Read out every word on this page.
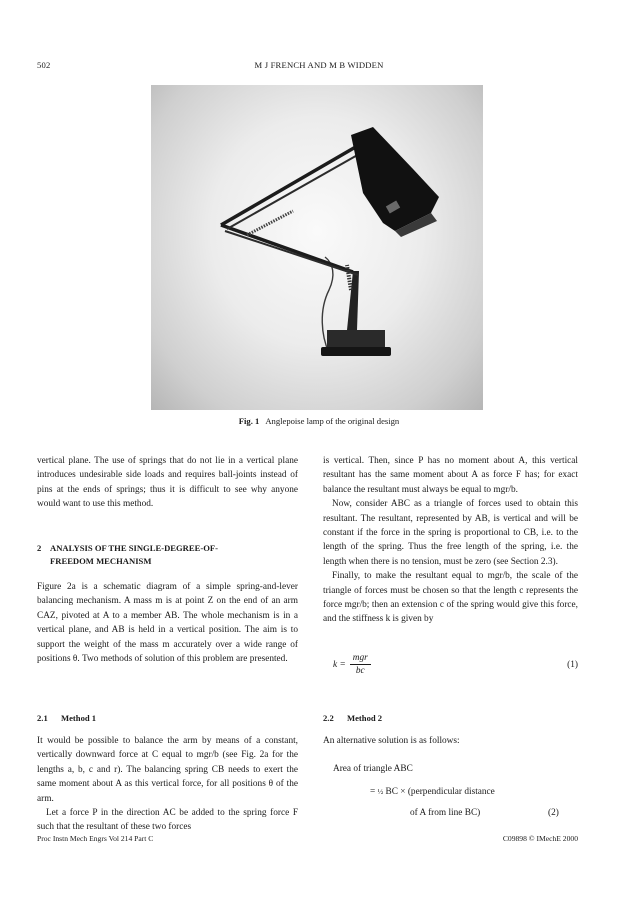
502	M J FRENCH AND M B WIDDEN
Fig. 1 Anglepoise lamp of the original design

vertical plane. The use of springs that do not lie in a vertical plane introduces undesirable side loads and requires ball-joints instead of pins at the ends of springs; thus it is difficult to see why anyone would want to use this method.

2 ANALYSIS OF THE SINGLE-DEGREE-OF-
FREEDOM MECHANISM

Figure 2a is a schematic diagram of a simple spring-and-lever balancing mechanism. A mass m is at point Z on the end of an arm CAZ, pivoted at A to a member AB. The whole mechanism is in a vertical plane, and AB is held in a vertical position. The aim is to support the weight of the mass m accurately over a wide range of positions θ. Two methods of solution of this problem are presented.

2.1 Method 1

It would be possible to balance the arm by means of a constant, vertically downward force at C equal to mgr/b (see Fig. 2a for the lengths a, b, c and r). The balancing spring CB needs to exert the same moment about A as this vertical force, for all positions θ of the arm.

Let a force P in the direction AC be added to the spring force F such that the resultant of these two forces

is vertical. Then, since P has no moment about A, this vertical resultant has the same moment about A as force F has; for exact balance the resultant must always be equal to mgr/b.

Now, consider ABC as a triangle of forces used to obtain this resultant. The resultant, represented by AB, is vertical and will be constant if the force in the spring is proportional to CB, i.e. to the length of the spring. Thus the free length of the spring, i.e. the length when there is no tension, must be zero (see Section 2.3).

Finally, to make the resultant equal to mgr/b, the scale of the triangle of forces must be chosen so that the length c represents the force mgr/b; then an extension c of the spring would give this force, and the stiffness k is given by

$k = \frac{\text{mgr}}{bc}$	(1)
2.2 Method 2

An alternative solution is as follows:

Area of triangle ABC
= ½ BC × (perpendicular distance
of A from line BC)	(2)
Proc Instn Mech Engrs Vol 214 Part C	C09898 © IMechE 2000
